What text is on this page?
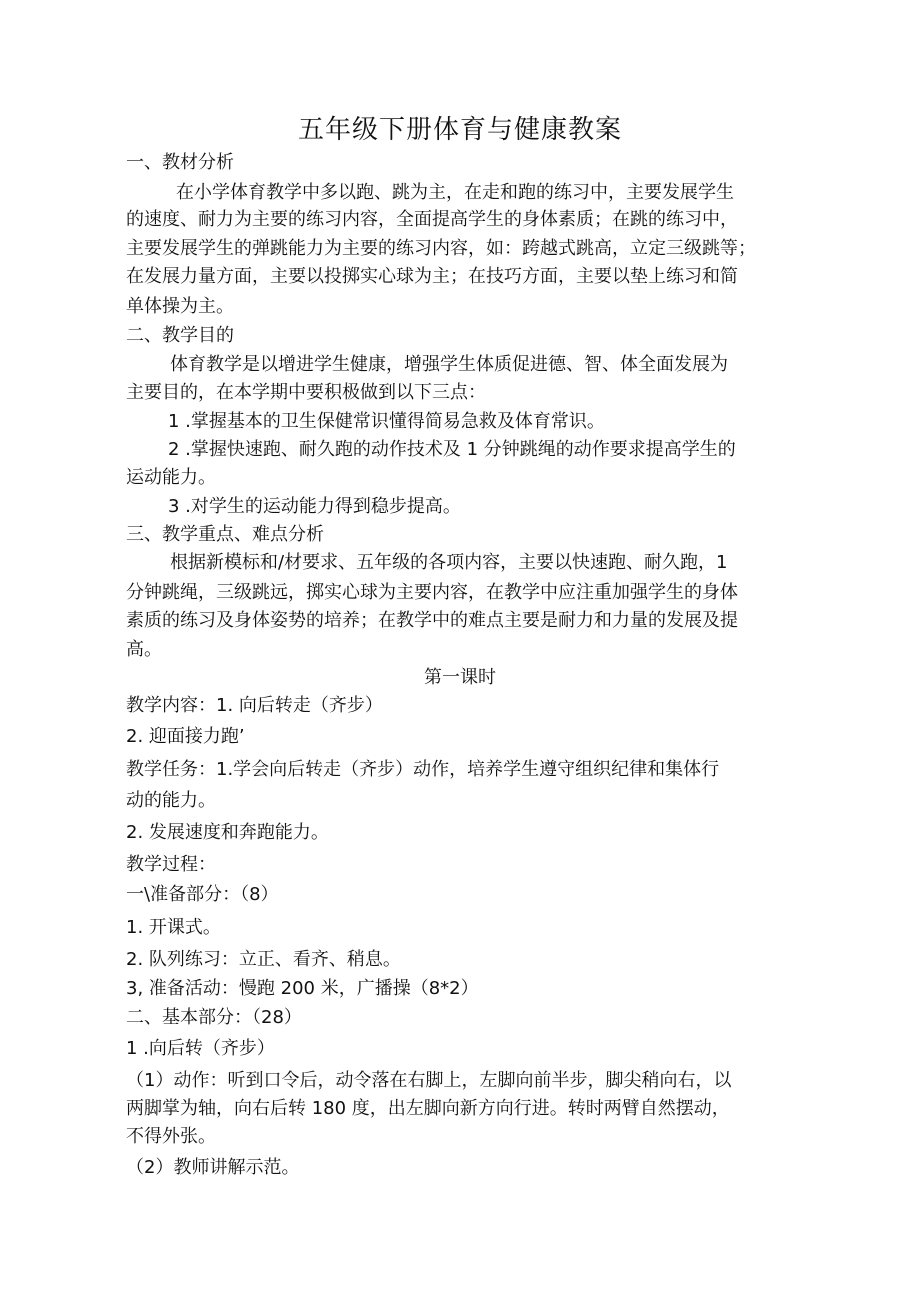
五年级下册体育与健康教案
一、教材分析
在小学体育教学中多以跑、跳为主，在走和跑的练习中，主要发展学生
的速度、耐力为主要的练习内容，全面提高学生的身体素质；在跳的练习中，
主要发展学生的弹跳能力为主要的练习内容，如：跨越式跳高，立定三级跳等；
在发展力量方面，主要以投掷实心球为主；在技巧方面，主要以垫上练习和简
单体操为主。
二、教学目的
体育教学是以增进学生健康，增强学生体质促进德、智、体全面发展为
主要目的，在本学期中要积极做到以下三点：
1 .掌握基本的卫生保健常识懂得简易急救及体育常识。
2 .掌握快速跑、耐久跑的动作技术及 1 分钟跳绳的动作要求提高学生的
运动能力。
3 .对学生的运动能力得到稳步提高。
三、教学重点、难点分析
根据新模标和/材要求、五年级的各项内容，主要以快速跑、耐久跑，1
分钟跳绳，三级跳远，掷实心球为主要内容，在教学中应注重加强学生的身体
素质的练习及身体姿势的培养；在教学中的难点主要是耐力和力量的发展及提
高。
第一课时
教学内容：1. 向后转走（齐步）
2. 迎面接力跑’
教学任务：1.学会向后转走（齐步）动作，培养学生遵守组织纪律和集体行
动的能力。
2. 发展速度和奔跑能力。
教学过程：
一\准备部分：（8）
1. 开课式。
2. 队列练习：立正、看齐、稍息。
3, 准备活动：慢跑 200 米，广播操（8*2）
二、基本部分：（28）
1 .向后转（齐步）
（1）动作：听到口令后，动令落在右脚上，左脚向前半步，脚尖稍向右，以
两脚掌为轴，向右后转 180 度，出左脚向新方向行进。转时两臂自然摆动，
不得外张。
（2）教师讲解示范。
